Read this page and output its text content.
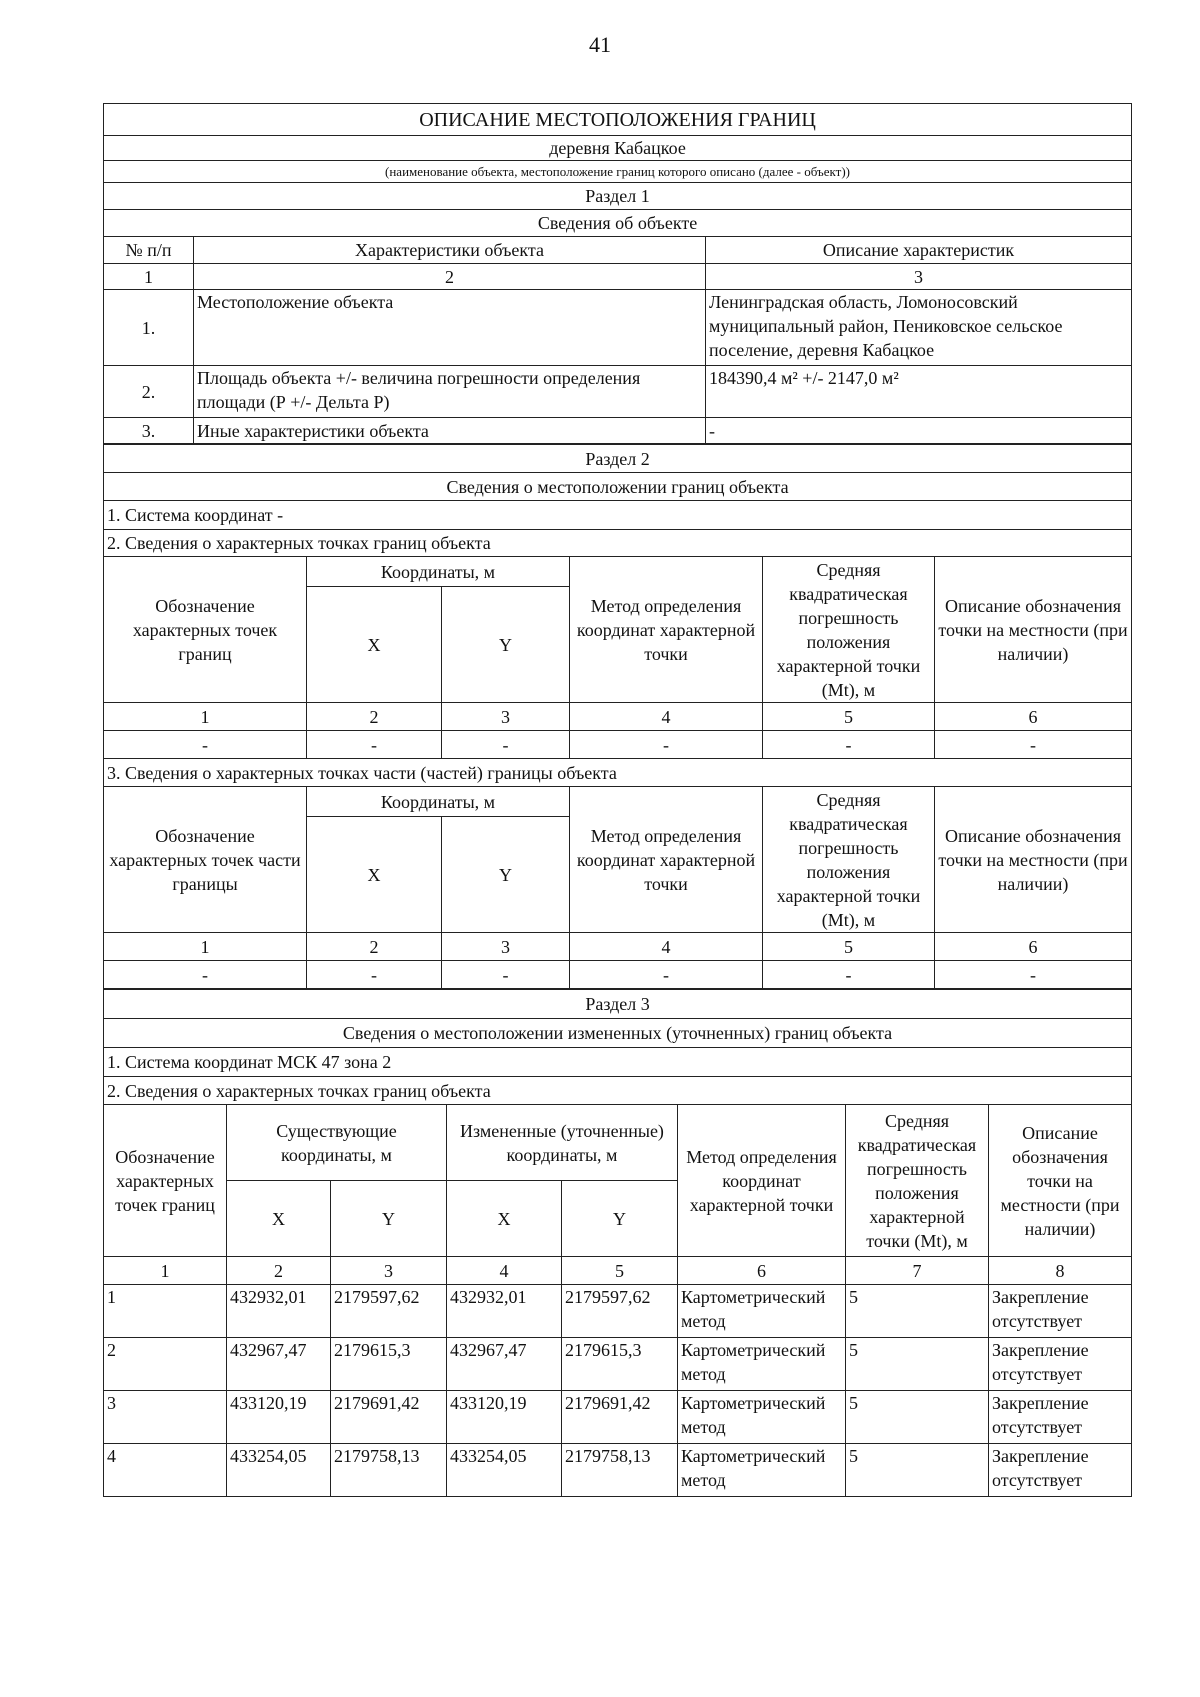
41
ОПИСАНИЕ МЕСТОПОЛОЖЕНИЯ ГРАНИЦ		
деревня Кабацкое		
(наименование объекта, местоположение границ которого описано (далее - объект))		
Раздел 1		
Сведения об объекте		
№ п/п	Характеристики объекта	Описание характеристик
1	2	3
1.	Местоположение объекта	Ленинградская область, Ломоносовский муниципальный район, Пениковское сельское поселение, деревня Кабацкое
2.	Площадь объекта +/- величина погрешности определения площади (Р +/- Дельта Р)	184390,4 м² +/- 2147,0 м²
3.	Иные характеристики объекта	-
Раздел 2					
Сведения о местоположении границ объекта					
1. Система координат -					
2. Сведения о характерных точках границ объекта					
Обозначение характерных точек границ	Координаты, м		Метод определения координат характерной точки	Средняя квадратическая погрешность положения характерной точки (Mt), м	Описание обозначения точки на местности (при наличии)
	X	Y			
1	2	3	4	5	6
-	-	-	-	-	-
3. Сведения о характерных точках части (частей) границы объекта					
Обозначение характерных точек части границы	Координаты, м		Метод определения координат характерной точки	Средняя квадратическая погрешность положения характерной точки (Mt), м	Описание обозначения точки на местности (при наличии)
	X	Y			
1	2	3	4	5	6
-	-	-	-	-	-
Раздел 3							
Сведения о местоположении измененных (уточненных) границ объекта							
1. Система координат МСК 47 зона 2							
2. Сведения о характерных точках границ объекта							
Обозначение характерных точек границ	Существующие координаты, м		Измененные (уточненные) координаты, м		Метод определения координат характерной точки	Средняя квадратическая погрешность положения характерной точки (Mt), м	Описание обозначения точки на местности (при наличии)
	X	Y	X	Y			
1	2	3	4	5	6	7	8
1	432932,01	2179597,62	432932,01	2179597,62	Картометрический метод	5	Закрепление отсутствует
2	432967,47	2179615,3	432967,47	2179615,3	Картометрический метод	5	Закрепление отсутствует
3	433120,19	2179691,42	433120,19	2179691,42	Картометрический метод	5	Закрепление отсутствует
4	433254,05	2179758,13	433254,05	2179758,13	Картометрический метод	5	Закрепление отсутствует
